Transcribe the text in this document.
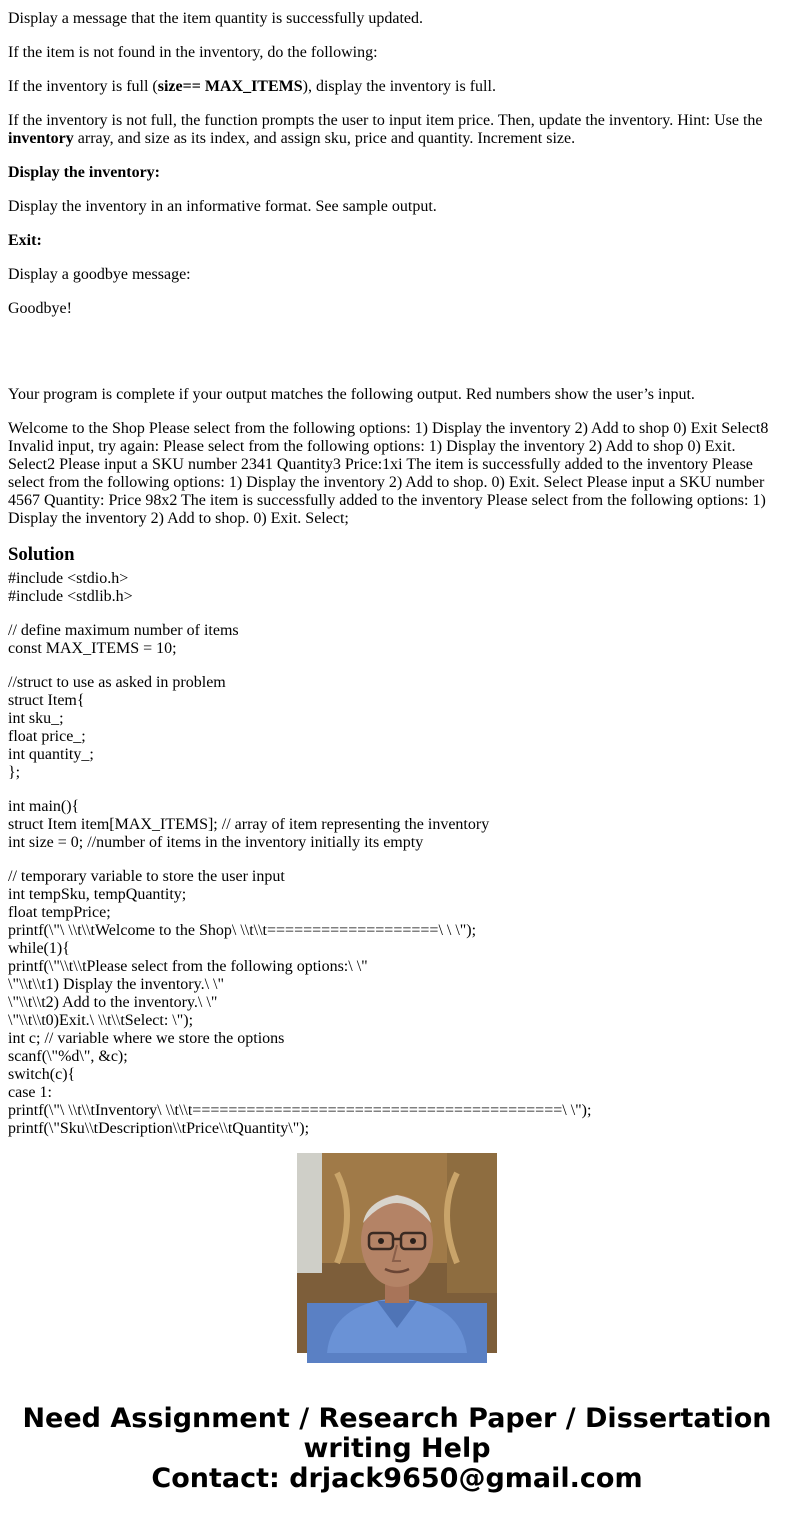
Display a message that the item quantity is successfully updated.

If the item is not found in the inventory, do the following:

If the inventory is full (size== MAX_ITEMS), display the inventory is full.

If the inventory is not full, the function prompts the user to input item price. Then, update the inventory. Hint: Use the inventory array, and size as its index, and assign sku, price and quantity. Increment size.

Display the inventory:

Display the inventory in an informative format. See sample output.

Exit:

Display a goodbye message:

Goodbye!

Your program is complete if your output matches the following output. Red numbers show the user’s input.

Welcome to the Shop Please select from the following options: 1) Display the inventory 2) Add to shop 0) Exit Select8 Invalid input, try again: Please select from the following options: 1) Display the inventory 2) Add to shop 0) Exit. Select2 Please input a SKU number 2341 Quantity3 Price:1xi The item is successfully added to the inventory Please select from the following options: 1) Display the inventory 2) Add to shop. 0) Exit. Select Please input a SKU number 4567 Quantity: Price 98x2 The item is successfully added to the inventory Please select from the following options: 1) Display the inventory 2) Add to shop. 0) Exit. Select;

Solution

#include <stdio.h>
#include <stdlib.h>

// define maximum number of items
const MAX_ITEMS = 10;

//struct to use as asked in problem
struct Item{
int sku_;
float price_;
int quantity_;
};

int main(){
struct Item item[MAX_ITEMS]; // array of item representing the inventory
int size = 0; //number of items in the inventory initially its empty

// temporary variable to store the user input
int tempSku, tempQuantity;
float tempPrice;
printf(\"\ \\t\\tWelcome to the Shop\ \\t\\t===================\ \ \");
while(1){
printf(\"\\t\\tPlease select from the following options:\ \"
\"\\t\\t1) Display the inventory.\ \"
\"\\t\\t2) Add to the inventory.\ \"
\"\\t\\t0)Exit.\ \\t\\tSelect: \");
int c; // variable where we store the options
scanf(\"%d\", &c);
switch(c){
case 1:
printf(\"\ \\t\\tInventory\ \\t\\t=========================================\ \");
printf(\"Sku\\tDescription\\tPrice\\tQuantity\");

Need Assignment / Research Paper / Dissertation
writing Help
Contact: drjack9650@gmail.com
